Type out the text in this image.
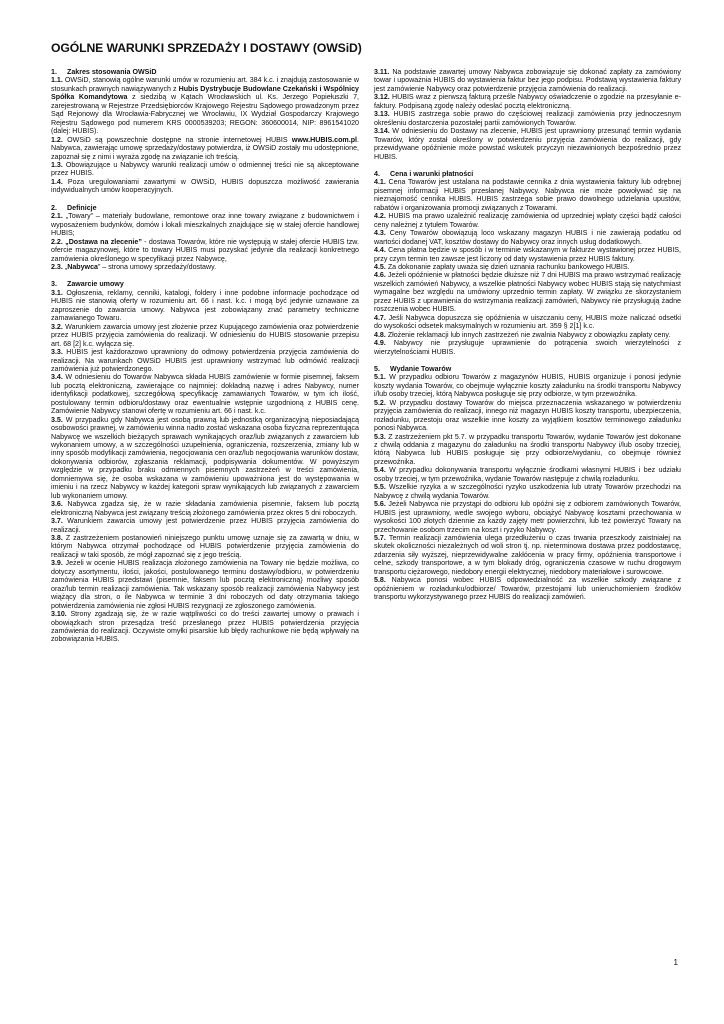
OGÓLNE WARUNKI SPRZEDAŻY I DOSTAWY (OWSiD)
1. Zakres stosowania OWSiD
1.1. OWSiD, stanowią ogólne warunki umów w rozumieniu art. 384 k.c. i znajdują zastosowanie w stosunkach prawnych nawiązywanych z Hubis Dystrybucje Budowlane Czekański i Wspólnicy Spółka Komandytowa z siedzibą w Kątach Wrocławskich ul. Ks. Jerzego Popiełuszki 7, zarejestrowaną w Rejestrze Przedsiębiorców Krajowego Rejestru Sądowego prowadzonym przez Sąd Rejonowy dla Wrocławia-Fabrycznej we Wrocławiu, IX Wydział Gospodarczy Krajowego Rejestru Sądowego pod numerem KRS 0000539203; REGON: 360600014, NIP: 8961541020 (dalej: HUBIS).
1.2. OWSiD są powszechnie dostępne na stronie internetowej HUBIS www.HUBIS.com.pl. Nabywca, zawierając umowę sprzedaży/dostawy potwierdza, iż OWSiD zostały mu udostępnione, zapoznał się z nimi i wyraża zgodę na związanie ich treścią.
1.3. Obowiązujące u Nabywcy warunki realizacji umów o odmiennej treści nie są akceptowane przez HUBIS.
1.4. Poza uregulowaniami zawartymi w OWSiD, HUBIS dopuszcza możliwość zawierania indywidualnych umów kooperacyjnych.
2. Definicje
2.1. „Towary” – materiały budowlane, remontowe oraz inne towary związane z budownictwem i wyposażeniem budynków, domów i lokali mieszkalnych znajdujące się w stałej ofercie handlowej HUBIS;
2.2. „Dostawa na zlecenie” - dostawa Towarów, które nie występują w stałej ofercie HUBIS tzw. ofercie magazynowej, które to towary HUBIS musi pozyskać jedynie dla realizacji konkretnego zamówienia określonego w specyfikacji przez Nabywcę,
2.3. „Nabywca” – strona umowy sprzedaży/dostawy.
3. Zawarcie umowy
3.1. Ogłoszenia, reklamy, cenniki, katalogi, foldery i inne podobne informacje pochodzące od HUBIS nie stanowią oferty w rozumieniu art. 66 i nast. k.c. i mogą być jedynie uznawane za zaproszenie do zawarcia umowy. Nabywca jest zobowiązany znać parametry techniczne zamawianego Towaru.
3.2. Warunkiem zawarcia umowy jest złożenie przez Kupującego zamówienia oraz potwierdzenie przez HUBIS przyjęcia zamówienia do realizacji. W odniesieniu do HUBIS stosowanie przepisu art. 68 [2] k.c. wyłącza się.
3.3. HUBIS jest każdorazowo uprawniony do odmowy potwierdzenia przyjęcia zamówienia do realizacji. Na warunkach OWSiD HUBIS jest uprawniony wstrzymać lub odmówić realizacji zamówienia już potwierdzonego.
3.4. W odniesieniu do Towarów Nabywca składa HUBIS zamówienie w formie pisemnej, faksem lub pocztą elektroniczną, zawierające co najmniej: dokładną nazwę i adres Nabywcy, numer identyfikacji podatkowej, szczegółową specyfikację zamawianych Towarów, w tym ich ilość, postulowany termin odbioru/dostawy oraz ewentualnie wstępnie uzgodnioną z HUBIS cenę. Zamówienie Nabywcy stanowi ofertę w rozumieniu art. 66 i nast. k.c.
3.5. W przypadku gdy Nabywca jest osobą prawną lub jednostką organizacyjną nieposiadającą osobowości prawnej, w zamówieniu winna nadto zostać wskazana osoba fizyczna reprezentująca Nabywcę we wszelkich bieżących sprawach wynikających oraz/lub związanych z zawarciem lub wykonaniem umowy, a w szczególności uzupełnienia, ograniczenia, rozszerzenia, zmiany lub w inny sposób modyfikacji zamówienia, negocjowania cen oraz/lub negocjowania warunków dostaw, dokonywania odbiorów, zgłaszania reklamacji, podpisywania dokumentów. W powyższym względzie w przypadku braku odmiennych pisemnych zastrzeżeń w treści zamówienia, domniemywa się, że osoba wskazana w zamówieniu upoważniona jest do występowania w imieniu i na rzecz Nabywcy w każdej kategorii spraw wynikających lub związanych z zawarciem lub wykonaniem umowy.
3.6. Nabywca zgadza się, że w razie składania zamówienia pisemnie, faksem lub pocztą elektroniczną Nabywca jest związany treścią złożonego zamówienia przez okres 5 dni roboczych.
3.7. Warunkiem zawarcia umowy jest potwierdzenie przez HUBIS przyjęcia zamówienia do realizacji.
3.8. Z zastrzeżeniem postanowień niniejszego punktu umowę uznaje się za zawartą w dniu, w którym Nabywca otrzymał pochodzące od HUBIS potwierdzenie przyjęcia zamówienia do realizacji w taki sposób, że mógł zapoznać się z jego treścią.
3.9. Jeżeli w ocenie HUBIS realizacja złożonego zamówienia na Towary nie będzie możliwa, co dotyczy asortymentu, ilości, jakości, postulowanego terminu dostawy/odbioru, w potwierdzeniu zamówienia HUBIS przedstawi (pisemnie, faksem lub pocztą elektroniczną) możliwy sposób oraz/lub termin realizacji zamówienia. Tak wskazany sposób realizacji zamówienia Nabywcy jest wiążący dla stron, o ile Nabywca w terminie 3 dni roboczych od daty otrzymania takiego potwierdzenia zamówienia nie zgłosi HUBIS rezygnacji ze zgłoszonego zamówienia.
3.10. Strony zgadzają się, że w razie wątpliwości co do treści zawartej umowy o prawach i obowiązkach stron przesądza treść przesłanego przez HUBIS potwierdzenia przyjęcia zamówienia do realizacji. Oczywiste omyłki pisarskie lub błędy rachunkowe nie będą wpływały na zobowiązania HUBIS.
3.11. Na podstawie zawartej umowy Nabywca zobowiązuje się dokonać zapłaty za zamówiony towar i upoważnia HUBIS do wystawienia faktur bez jego podpisu. Podstawą wystawienia faktury jest zamówienie Nabywcy oraz potwierdzenie przyjęcia zamówienia do realizacji.
3.12. HUBIS wraz z pierwszą fakturą prześle Nabywcy oświadczenie o zgodzie na przesyłanie e-faktury. Podpisaną zgodę należy odesłać pocztą elektroniczną.
3.13. HUBIS zastrzega sobie prawo do częściowej realizacji zamówienia przy jednoczesnym określeniu dostarczenia pozostałej partii zamówionych Towarów.
3.14. W odniesieniu do Dostawy na zlecenie, HUBIS jest uprawniony przesunąć termin wydania Towarów, który został określony w potwierdzeniu przyjęcia zamówienia do realizacji, gdy przewidywane opóźnienie może powstać wskutek przyczyn niezawinionych bezpośrednio przez HUBIS.
4. Cena i warunki płatności
4.1. Cena Towarów jest ustalana na podstawie cennika z dnia wystawienia faktury lub odrębnej pisemnej informacji HUBIS przesłanej Nabywcy. Nabywca nie może powoływać się na nieznajomość cennika HUBIS. HUBIS zastrzega sobie prawo dowolnego udzielania upustów, rabatów i organizowania promocji związanych z Towarami.
4.2. HUBIS ma prawo uzależnić realizację zamówienia od uprzedniej wpłaty części bądź całości ceny należnej z tytułem Towarów.
4.3. Ceny Towarów obowiązują loco wskazany magazyn HUBIS i nie zawierają podatku od wartości dodanej VAT, kosztów dostawy do Nabywcy oraz innych usług dodatkowych.
4.4. Cena płatna będzie w sposób i w terminie wskazanym w fakturze wystawionej przez HUBIS, przy czym termin ten zawsze jest liczony od daty wystawienia przez HUBIS faktury.
4.5. Za dokonanie zapłaty uważa się dzień uznania rachunku bankowego HUBIS.
4.6. Jeżeli opóźnienie w płatności będzie dłuższe niż 7 dni HUBIS ma prawo wstrzymać realizację wszelkich zamówień Nabywcy, a wszelkie płatności Nabywcy wobec HUBIS stają się natychmiast wymagalne bez względu na umówiony uprzednio termin zapłaty. W związku ze skorzystaniem przez HUBIS z uprawnienia do wstrzymania realizacji zamówień, Nabywcy nie przysługują żadne roszczenia wobec HUBIS.
4.7. Jeśli Nabywca dopuszcza się opóźnienia w uiszczaniu ceny, HUBIS może naliczać odsetki do wysokości odsetek maksymalnych w rozumieniu art. 359 § 2[1] k.c.
4.8. Złożenie reklamacji lub innych zastrzeżeń nie zwalnia Nabywcy z obowiązku zapłaty ceny.
4.9. Nabywcy nie przysługuje uprawnienie do potrącenia swoich wierzytelności z wierzytelnościami HUBIS.
5. Wydanie Towarów
5.1. W przypadku odbioru Towarów z magazynów HUBIS, HUBIS organizuje i ponosi jedynie koszty wydania Towarów, co obejmuje wyłącznie koszty załadunku na środki transportu Nabywcy i/lub osoby trzeciej, którą Nabywca posługuje się przy odbiorze, w tym przewoźnika.
5.2. W przypadku dostawy Towarów do miejsca przeznaczenia wskazanego w potwierdzeniu przyjęcia zamówienia do realizacji, innego niż magazyn HUBIS koszty transportu, ubezpieczenia, rozładunku, przestoju oraz wszelkie inne koszty za wyjątkiem kosztów terminowego załadunku ponosi Nabywca.
5.3. Z zastrzeżeniem pkt 5.7. w przypadku transportu Towarów, wydanie Towarów jest dokonane z chwilą oddania z magazynu do załadunku na środki transportu Nabywcy i/lub osoby trzeciej, którą Nabywca lub HUBIS posługuje się przy odbiorze/wydaniu, co obejmuje również przewoźnika.
5.4. W przypadku dokonywania transportu wyłącznie środkami własnymi HUBIS i bez udziału osoby trzeciej, w tym przewoźnika, wydanie Towarów następuje z chwilą rozładunku.
5.5. Wszelkie ryzyka a w szczególności ryzyko uszkodzenia lub utraty Towarów przechodzi na Nabywcę z chwilą wydania Towarów.
5.6. Jeżeli Nabywca nie przystąpi do odbioru lub opóźni się z odbiorem zamówionych Towarów, HUBIS jest uprawniony, wedle swojego wyboru, obciążyć Nabywcę kosztami przechowania w wysokości 100 złotych dziennie za każdy zajęty metr powierzchni, lub też powierzyć Towary na przechowanie osobom trzecim na koszt i ryzyko Nabywcy.
5.7. Termin realizacji zamówienia ulega przedłużeniu o czas trwania przeszkody zaistniałej na skutek okoliczności niezależnych od woli stron tj. np. nieterminowa dostawa przez poddostawcę, zdarzenia siły wyższej, nieprzewidywalne zakłócenia w pracy firmy, opóźnienia transportowe i celne, szkody transportowe, a w tym blokady dróg, ograniczenia czasowe w ruchu drogowym transportu ciężarowego, niedobory energii elektrycznej, niedobory materiałowe i surowcowe.
5.8. Nabywca ponosi wobec HUBIS odpowiedzialność za wszelkie szkody związane z opóźnieniem w rozładunku/odbiorze/ Towarów, przestojami lub unieruchomieniem środków transportu wykorzystywanego przez HUBIS do realizacji zamówień.
1
